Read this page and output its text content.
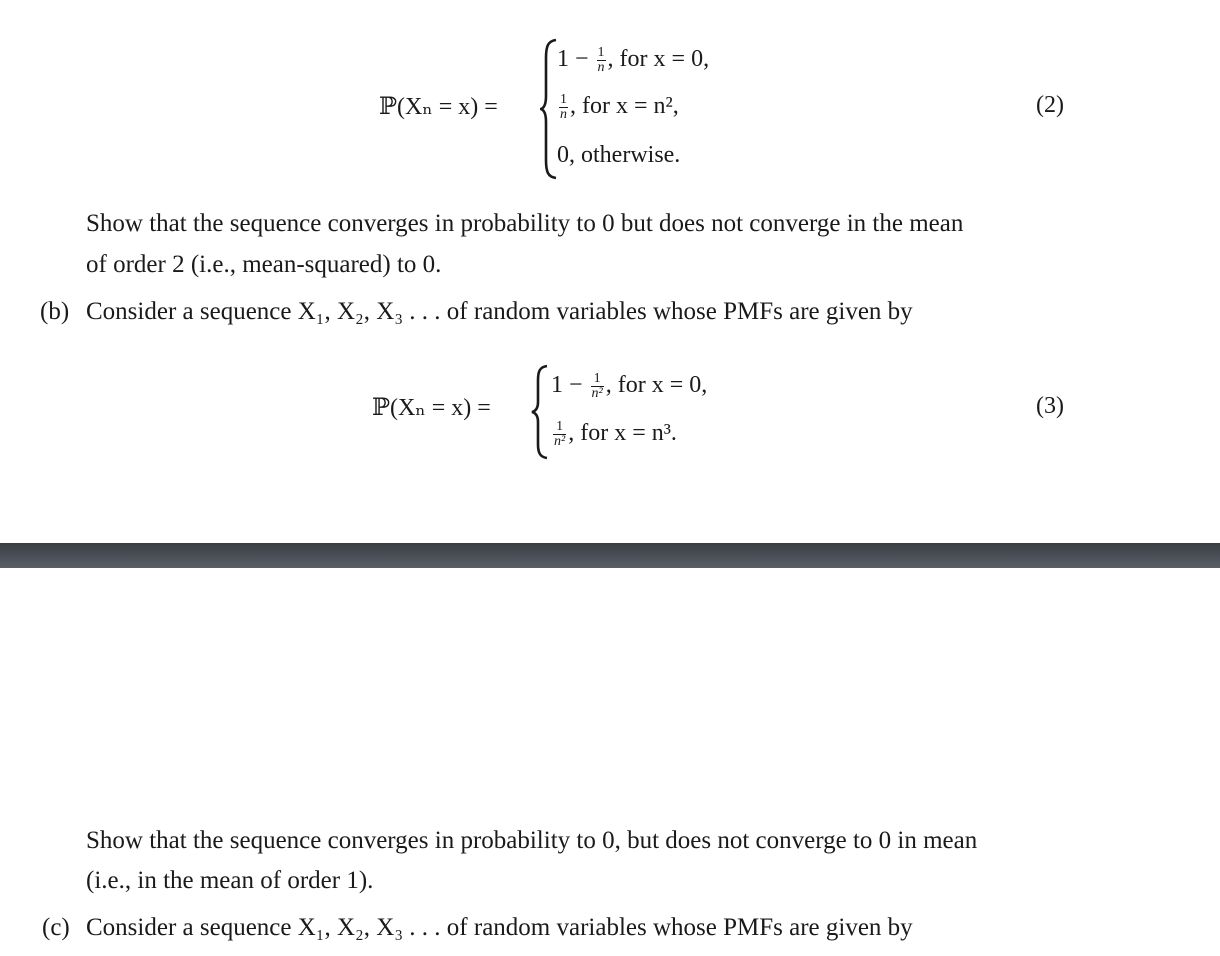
ℙ(Xₙ = x) =
$1 - \frac{1}{n}$ , for x = 0,
$\frac{1}{n}$ , for x = n²,
0, otherwise.
(2)
Show that the sequence converges in probability to 0 but does not converge in the mean
of order 2 (i.e., mean-squared) to 0.
(b) Consider a sequence X₁, X₂, X₃ . . . of random variables whose PMFs are given by
ℙ(Xₙ = x) =
$1 - \frac{1}{\text{n²}}$ , for x = 0,
$\frac{1}{\text{n²}}$ , for x = n³.
(3)
Show that the sequence converges in probability to 0, but does not converge to 0 in mean
(i.e., in the mean of order 1).
(c) Consider a sequence X₁, X₂, X₃ . . . of random variables whose PMFs are given by
